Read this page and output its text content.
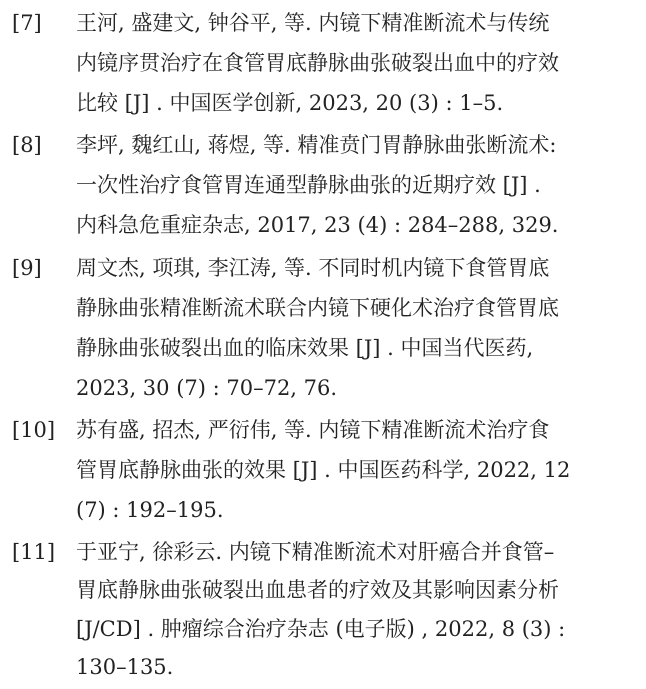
[7] 王河, 盛建文, 钟谷平, 等. 内镜下精准断流术与传统
内镜序贯治疗在食管胃底静脉曲张破裂出血中的疗效
比较 [J] . 中国医学创新, 2023, 20 (3) : 1–5.
[8] 李坪, 魏红山, 蒋煜, 等. 精准贲门胃静脉曲张断流术:
一次性治疗食管胃连通型静脉曲张的近期疗效 [J] .
内科急危重症杂志, 2017, 23 (4) : 284–288, 329.
[9] 周文杰, 项琪, 李江涛, 等. 不同时机内镜下食管胃底
静脉曲张精准断流术联合内镜下硬化术治疗食管胃底
静脉曲张破裂出血的临床效果 [J] . 中国当代医药,
2023, 30 (7) : 70–72, 76.
[10] 苏有盛, 招杰, 严衍伟, 等. 内镜下精准断流术治疗食
管胃底静脉曲张的效果 [J] . 中国医药科学, 2022, 12
(7) : 192–195.
[11] 于亚宁, 徐彩云. 内镜下精准断流术对肝癌合并食管–
胃底静脉曲张破裂出血患者的疗效及其影响因素分析
[J/CD] . 肿瘤综合治疗杂志 (电子版) , 2022, 8 (3) :
130–135.
